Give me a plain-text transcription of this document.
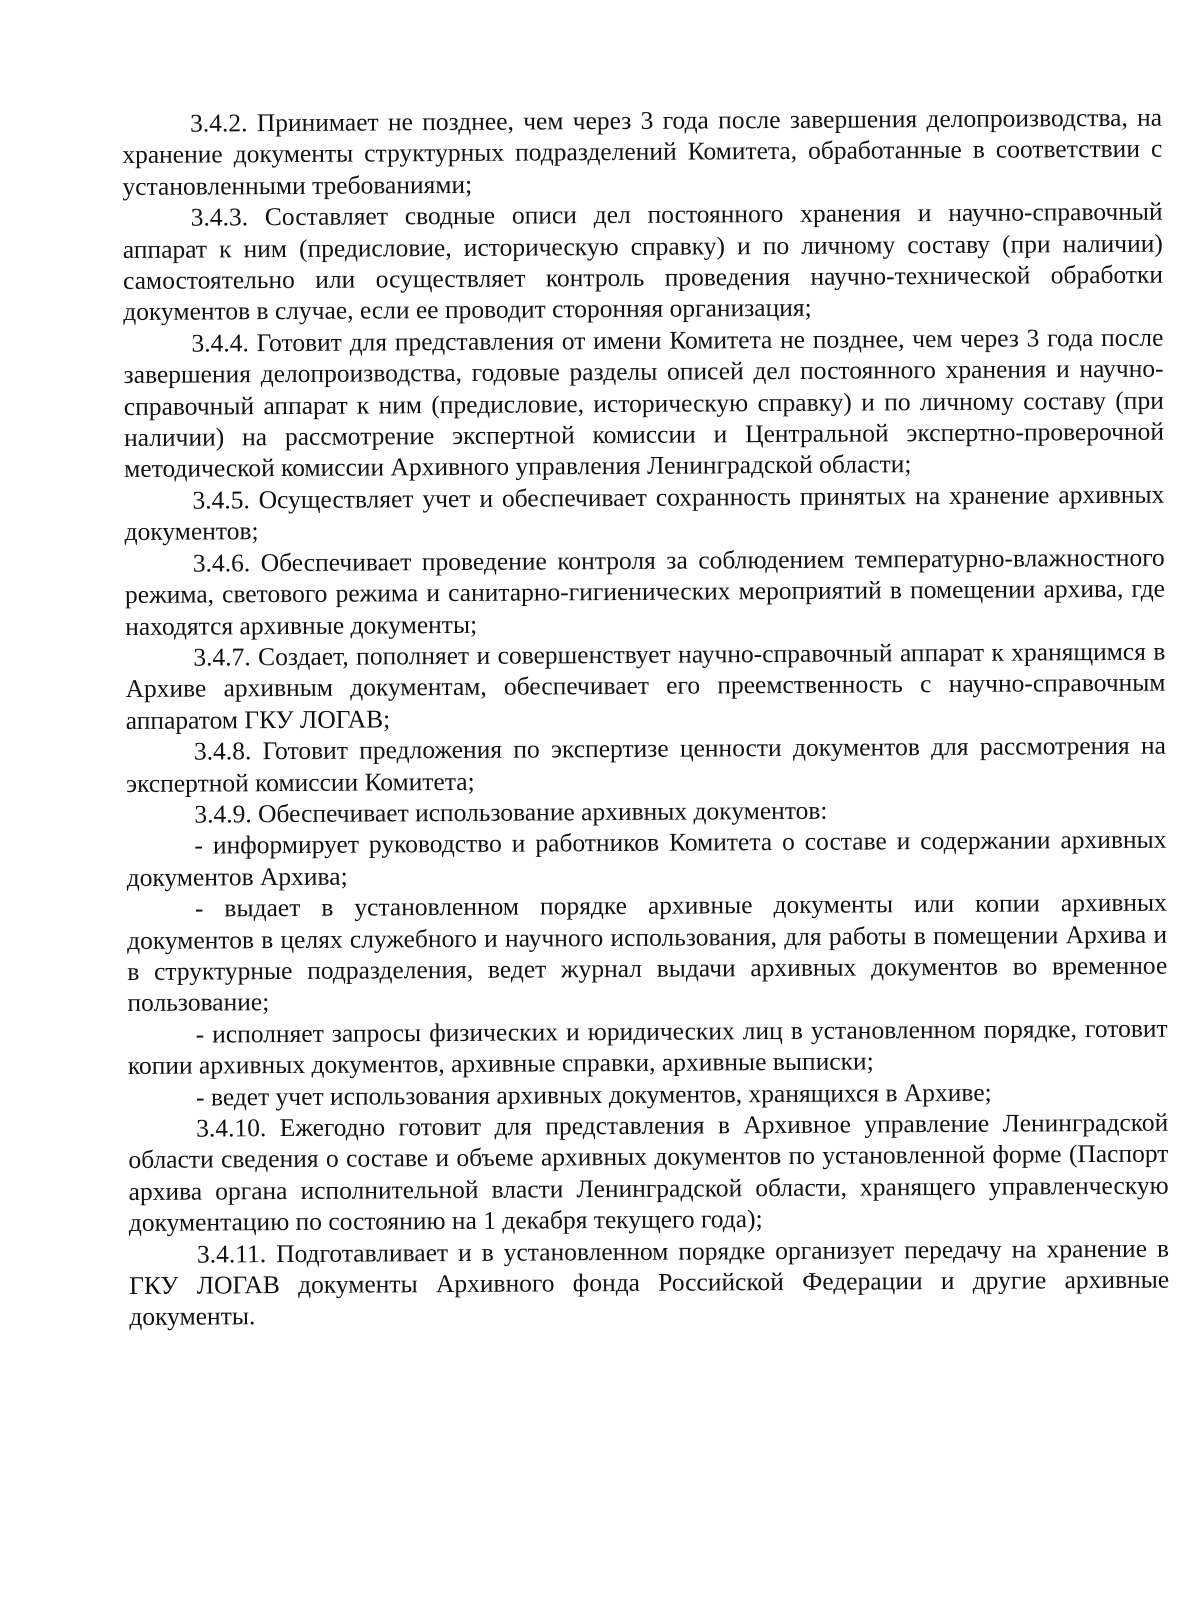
3.4.2. Принимает не позднее, чем через 3 года после завершения делопроизводства, на хранение документы структурных подразделений Комитета, обработанные в соответствии с установленными требованиями;

3.4.3. Составляет сводные описи дел постоянного хранения и научно-справочный аппарат к ним (предисловие, историческую справку) и по личному составу (при наличии) самостоятельно или осуществляет контроль проведения научно-технической обработки документов в случае, если ее проводит сторонняя организация;

3.4.4. Готовит для представления от имени Комитета не позднее, чем через 3 года после завершения делопроизводства, годовые разделы описей дел постоянного хранения и научно-справочный аппарат к ним (предисловие, историческую справку) и по личному составу (при наличии) на рассмотрение экспертной комиссии и Центральной экспертно-проверочной методической комиссии Архивного управления Ленинградской области;

3.4.5. Осуществляет учет и обеспечивает сохранность принятых на хранение архивных документов;

3.4.6. Обеспечивает проведение контроля за соблюдением температурно-влажностного режима, светового режима и санитарно-гигиенических мероприятий в помещении архива, где находятся архивные документы;

3.4.7. Создает, пополняет и совершенствует научно-справочный аппарат к хранящимся в Архиве архивным документам, обеспечивает его преемственность с научно-справочным аппаратом ГКУ ЛОГАВ;

3.4.8. Готовит предложения по экспертизе ценности документов для рассмотрения на экспертной комиссии Комитета;

3.4.9. Обеспечивает использование архивных документов:

- информирует руководство и работников Комитета о составе и содержании архивных документов Архива;

- выдает в установленном порядке архивные документы или копии архивных документов в целях служебного и научного использования, для работы в помещении Архива и в структурные подразделения, ведет журнал выдачи архивных документов во временное пользование;

- исполняет запросы физических и юридических лиц в установленном порядке, готовит копии архивных документов, архивные справки, архивные выписки;

- ведет учет использования архивных документов, хранящихся в Архиве;

3.4.10. Ежегодно готовит для представления в Архивное управление Ленинградской области сведения о составе и объеме архивных документов по установленной форме (Паспорт архива органа исполнительной власти Ленинградской области, хранящего управленческую документацию по состоянию на 1 декабря текущего года);

3.4.11. Подготавливает и в установленном порядке организует передачу на хранение в ГКУ ЛОГАВ документы Архивного фонда Российской Федерации и другие архивные документы.
